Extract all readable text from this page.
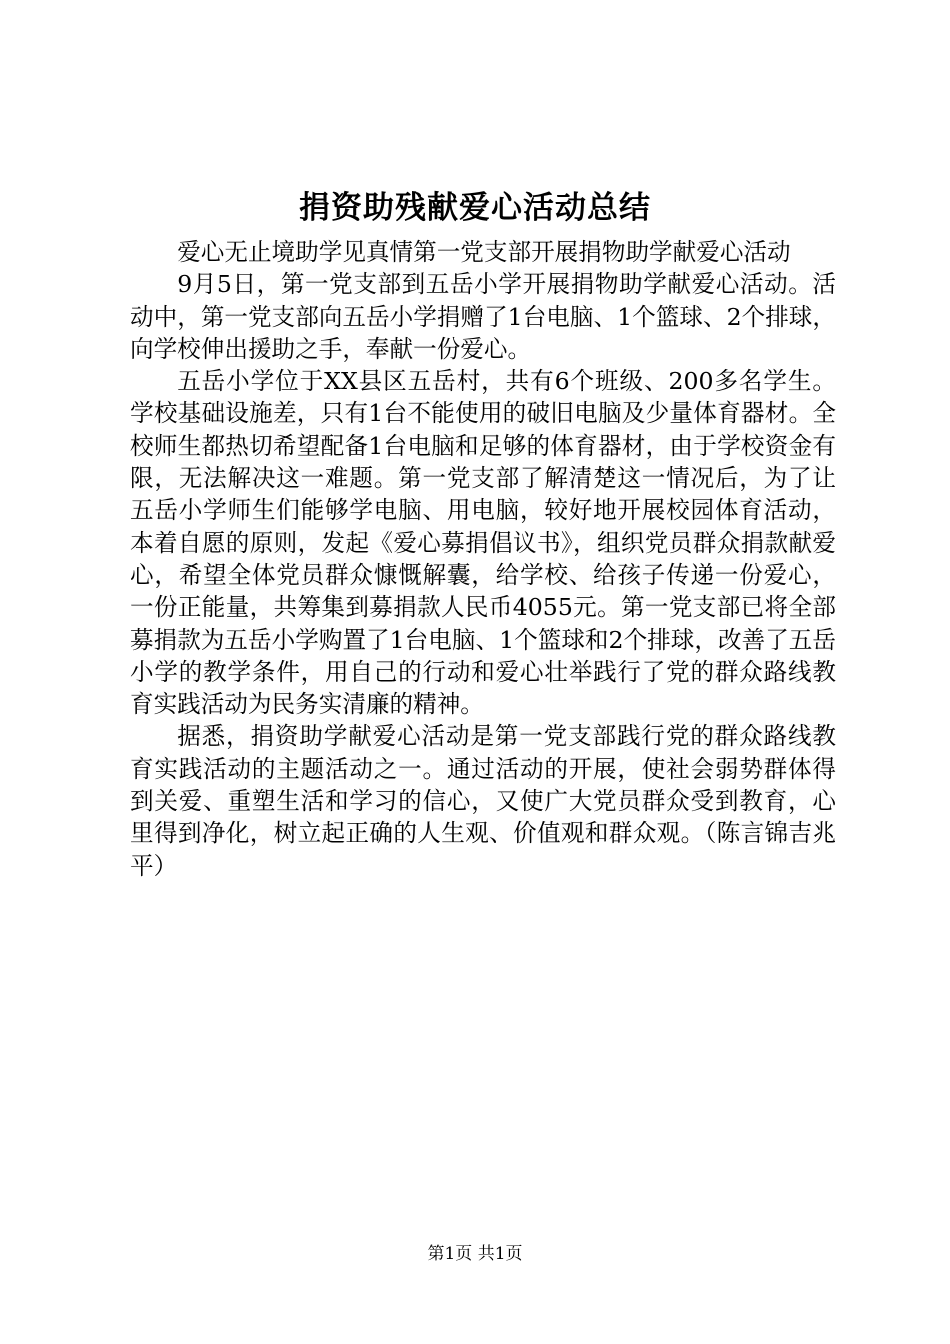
捐资助残献爱心活动总结

爱心无止境助学见真情第一党支部开展捐物助学献爱心活动

9月5日，第一党支部到五岳小学开展捐物助学献爱心活动。活动中，第一党支部向五岳小学捐赠了1台电脑、1个篮球、2个排球，向学校伸出援助之手，奉献一份爱心。

五岳小学位于XX县区五岳村，共有6个班级、200多名学生。学校基础设施差，只有1台不能使用的破旧电脑及少量体育器材。全校师生都热切希望配备1台电脑和足够的体育器材，由于学校资金有限，无法解决这一难题。第一党支部了解清楚这一情况后，为了让五岳小学师生们能够学电脑、用电脑，较好地开展校园体育活动，本着自愿的原则，发起《爱心募捐倡议书》，组织党员群众捐款献爱心，希望全体党员群众慷慨解囊，给学校、给孩子传递一份爱心，一份正能量，共筹集到募捐款人民币4055元。第一党支部已将全部募捐款为五岳小学购置了1台电脑、1个篮球和2个排球，改善了五岳小学的教学条件，用自己的行动和爱心壮举践行了党的群众路线教育实践活动为民务实清廉的精神。

据悉，捐资助学献爱心活动是第一党支部践行党的群众路线教育实践活动的主题活动之一。通过活动的开展，使社会弱势群体得到关爱、重塑生活和学习的信心，又使广大党员群众受到教育，心里得到净化，树立起正确的人生观、价值观和群众观。（陈言锦吉兆平）

第1页 共1页
